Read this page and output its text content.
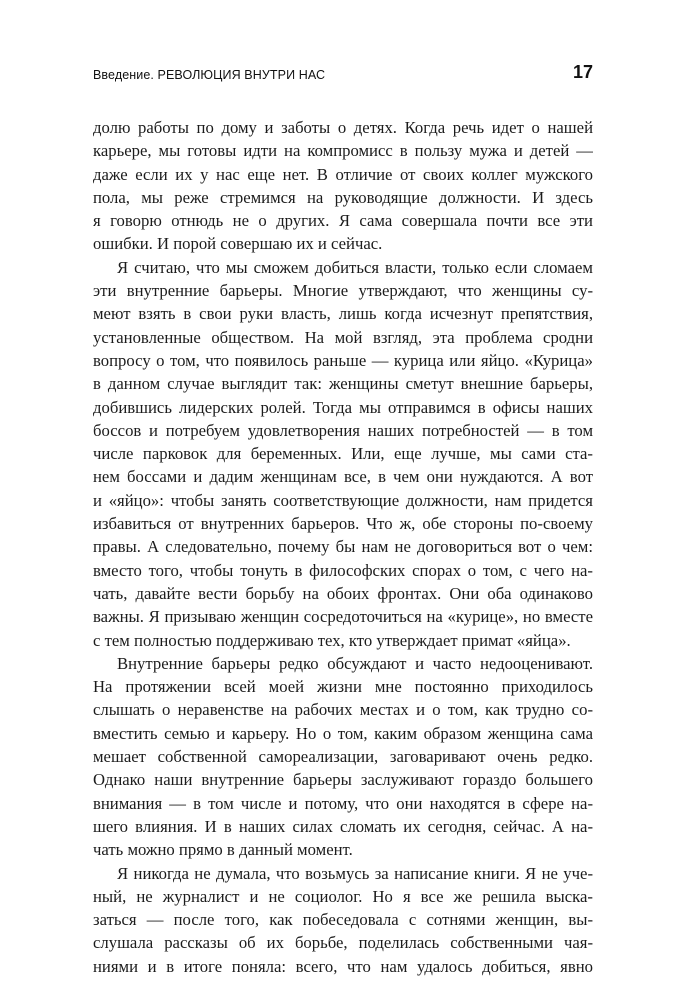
Введение. РЕВОЛЮЦИЯ ВНУТРИ НАС	17
долю работы по дому и заботы о детях. Когда речь идет о нашей
карьере, мы готовы идти на компромисс в пользу мужа и детей —
даже если их у нас еще нет. В отличие от своих коллег мужского
пола, мы реже стремимся на руководящие должности. И здесь
я говорю отнюдь не о других. Я сама совершала почти все эти
ошибки. И порой совершаю их и сейчас.
Я считаю, что мы сможем добиться власти, только если сломаем
эти внутренние барьеры. Многие утверждают, что женщины су-
меют взять в свои руки власть, лишь когда исчезнут препятствия,
установленные обществом. На мой взгляд, эта проблема сродни
вопросу о том, что появилось раньше — курица или яйцо. «Курица»
в данном случае выглядит так: женщины сметут внешние барьеры,
добившись лидерских ролей. Тогда мы отправимся в офисы наших
боссов и потребуем удовлетворения наших потребностей — в том
числе парковок для беременных. Или, еще лучше, мы сами ста-
нем боссами и дадим женщинам все, в чем они нуждаются. А вот
и «яйцо»: чтобы занять соответствующие должности, нам придется
избавиться от внутренних барьеров. Что ж, обе стороны по-своему
правы. А следовательно, почему бы нам не договориться вот о чем:
вместо того, чтобы тонуть в философских спорах о том, с чего на-
чать, давайте вести борьбу на обоих фронтах. Они оба одинаково
важны. Я призываю женщин сосредоточиться на «курице», но вместе
с тем полностью поддерживаю тех, кто утверждает примат «яйца».
Внутренние барьеры редко обсуждают и часто недооценивают.
На протяжении всей моей жизни мне постоянно приходилось
слышать о неравенстве на рабочих местах и о том, как трудно со-
вместить семью и карьеру. Но о том, каким образом женщина сама
мешает собственной самореализации, заговаривают очень редко.
Однако наши внутренние барьеры заслуживают гораздо большего
внимания — в том числе и потому, что они находятся в сфере на-
шего влияния. И в наших силах сломать их сегодня, сейчас. А на-
чать можно прямо в данный момент.
Я никогда не думала, что возьмусь за написание книги. Я не уче-
ный, не журналист и не социолог. Но я все же решила выска-
заться — после того, как побеседовала с сотнями женщин, вы-
слушала рассказы об их борьбе, поделилась собственными чая-
ниями и в итоге поняла: всего, что нам удалось добиться, явно
